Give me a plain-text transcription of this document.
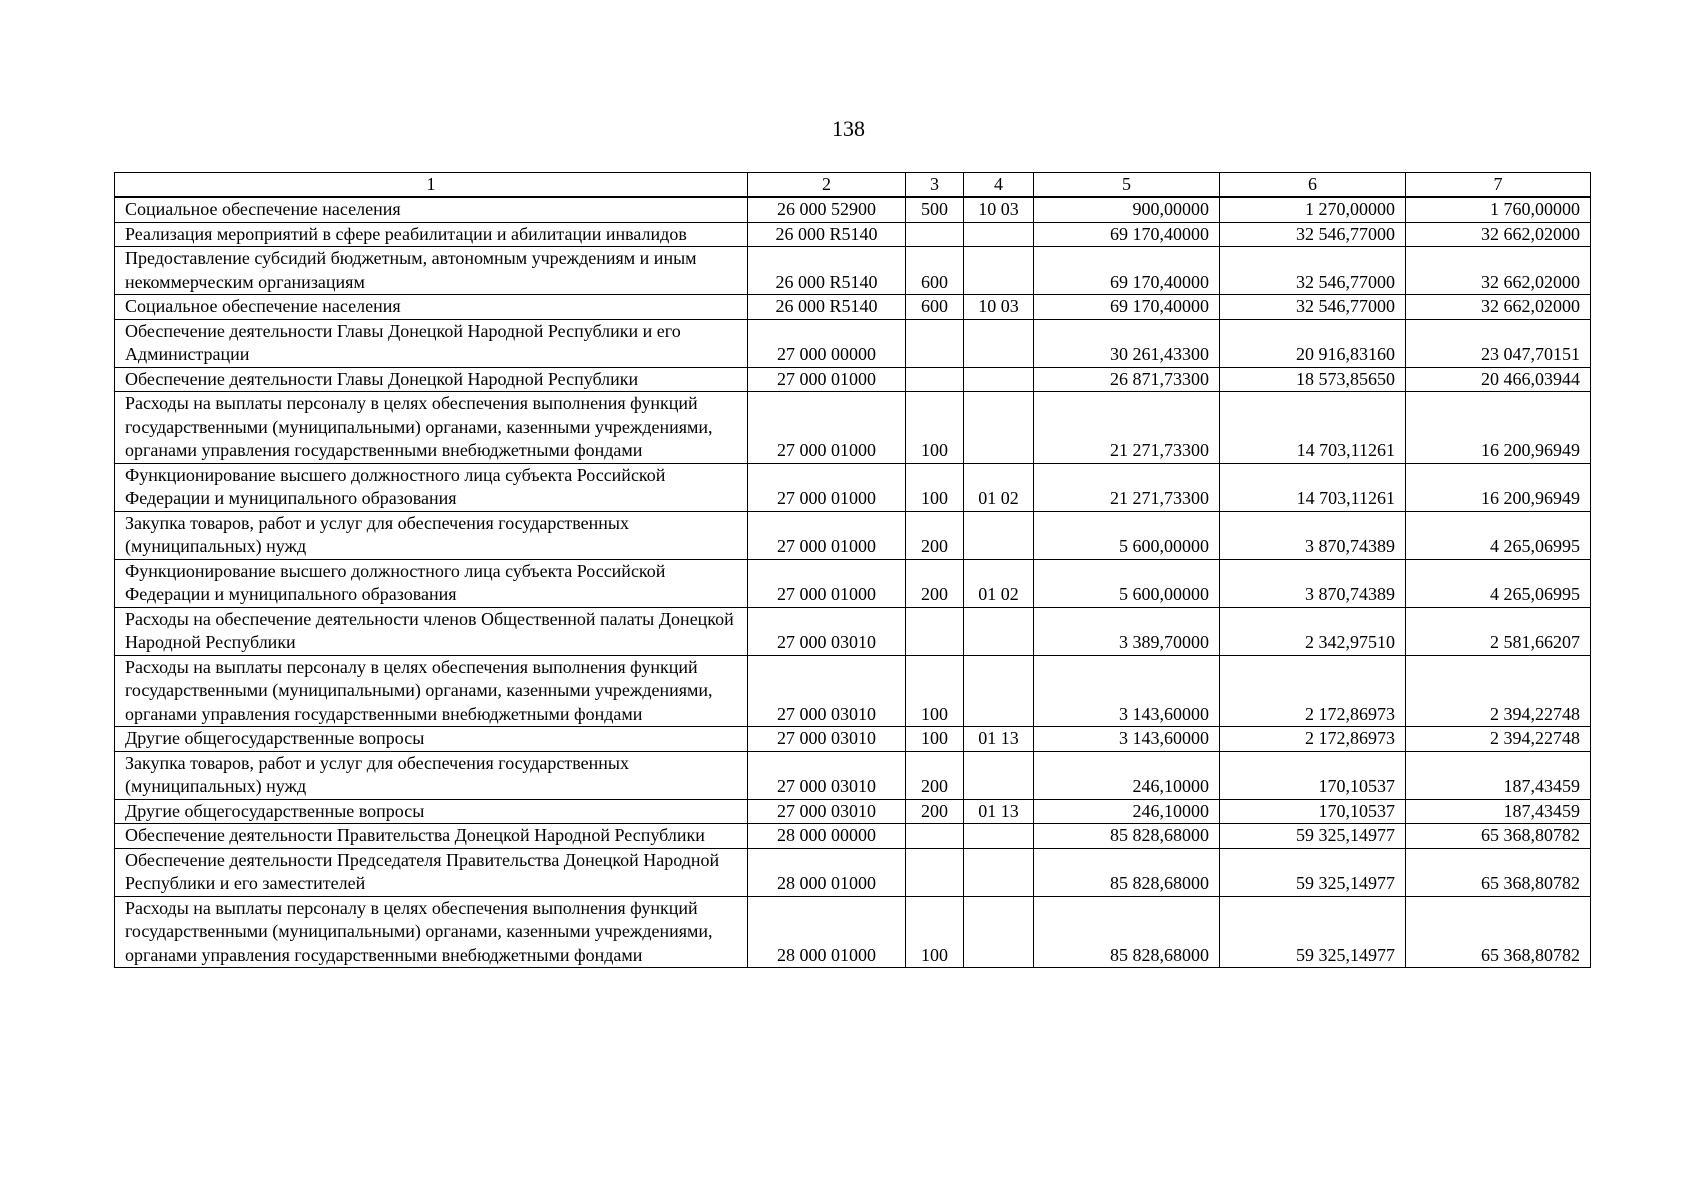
138
1	2	3	4	5	6	7
Социальное обеспечение населения	26 000 52900	500	10 03	900,00000	1 270,00000	1 760,00000
Реализация мероприятий в сфере реабилитации и абилитации инвалидов	26 000 R5140			69 170,40000	32 546,77000	32 662,02000
Предоставление субсидий бюджетным, автономным учреждениям и иным некоммерческим организациям	26 000 R5140	600		69 170,40000	32 546,77000	32 662,02000
Социальное обеспечение населения	26 000 R5140	600	10 03	69 170,40000	32 546,77000	32 662,02000
Обеспечение деятельности Главы Донецкой Народной Республики и его Администрации	27 000 00000			30 261,43300	20 916,83160	23 047,70151
Обеспечение деятельности Главы Донецкой Народной Республики	27 000 01000			26 871,73300	18 573,85650	20 466,03944
Расходы на выплаты персоналу в целях обеспечения выполнения функций государственными (муниципальными) органами, казенными учреждениями, органами управления государственными внебюджетными фондами	27 000 01000	100		21 271,73300	14 703,11261	16 200,96949
Функционирование высшего должностного лица субъекта Российской Федерации и муниципального образования	27 000 01000	100	01 02	21 271,73300	14 703,11261	16 200,96949
Закупка товаров, работ и услуг для обеспечения государственных (муниципальных) нужд	27 000 01000	200		5 600,00000	3 870,74389	4 265,06995
Функционирование высшего должностного лица субъекта Российской Федерации и муниципального образования	27 000 01000	200	01 02	5 600,00000	3 870,74389	4 265,06995
Расходы на обеспечение деятельности членов Общественной палаты Донецкой Народной Республики	27 000 03010			3 389,70000	2 342,97510	2 581,66207
Расходы на выплаты персоналу в целях обеспечения выполнения функций государственными (муниципальными) органами, казенными учреждениями, органами управления государственными внебюджетными фондами	27 000 03010	100		3 143,60000	2 172,86973	2 394,22748
Другие общегосударственные вопросы	27 000 03010	100	01 13	3 143,60000	2 172,86973	2 394,22748
Закупка товаров, работ и услуг для обеспечения государственных (муниципальных) нужд	27 000 03010	200		246,10000	170,10537	187,43459
Другие общегосударственные вопросы	27 000 03010	200	01 13	246,10000	170,10537	187,43459
Обеспечение деятельности Правительства Донецкой Народной Республики	28 000 00000			85 828,68000	59 325,14977	65 368,80782
Обеспечение деятельности Председателя Правительства Донецкой Народной Республики и его заместителей	28 000 01000			85 828,68000	59 325,14977	65 368,80782
Расходы на выплаты персоналу в целях обеспечения выполнения функций государственными (муниципальными) органами, казенными учреждениями, органами управления государственными внебюджетными фондами	28 000 01000	100		85 828,68000	59 325,14977	65 368,80782
